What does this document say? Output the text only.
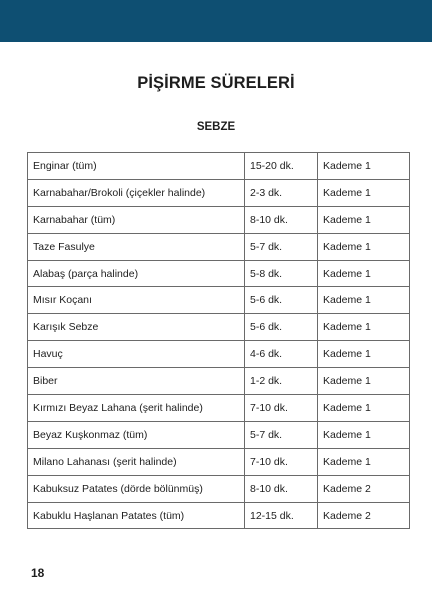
PİŞİRME SÜRELERİ
SEBZE
Enginar (tüm)	15-20 dk.	Kademe 1
Karnabahar/Brokoli (çiçekler halinde)	2-3 dk.	Kademe 1
Karnabahar (tüm)	8-10 dk.	Kademe 1
Taze Fasulye	5-7 dk.	Kademe 1
Alabaş (parça halinde)	5-8 dk.	Kademe 1
Mısır Koçanı	5-6 dk.	Kademe 1
Karışık Sebze	5-6 dk.	Kademe 1
Havuç	4-6 dk.	Kademe 1
Biber	1-2 dk.	Kademe 1
Kırmızı Beyaz Lahana (şerit halinde)	7-10 dk.	Kademe 1
Beyaz Kuşkonmaz (tüm)	5-7 dk.	Kademe 1
Milano Lahanası (şerit halinde)	7-10 dk.	Kademe 1
Kabuksuz Patates (dörde bölünmüş)	8-10 dk.	Kademe 2
Kabuklu Haşlanan Patates (tüm)	12-15 dk.	Kademe 2
18
